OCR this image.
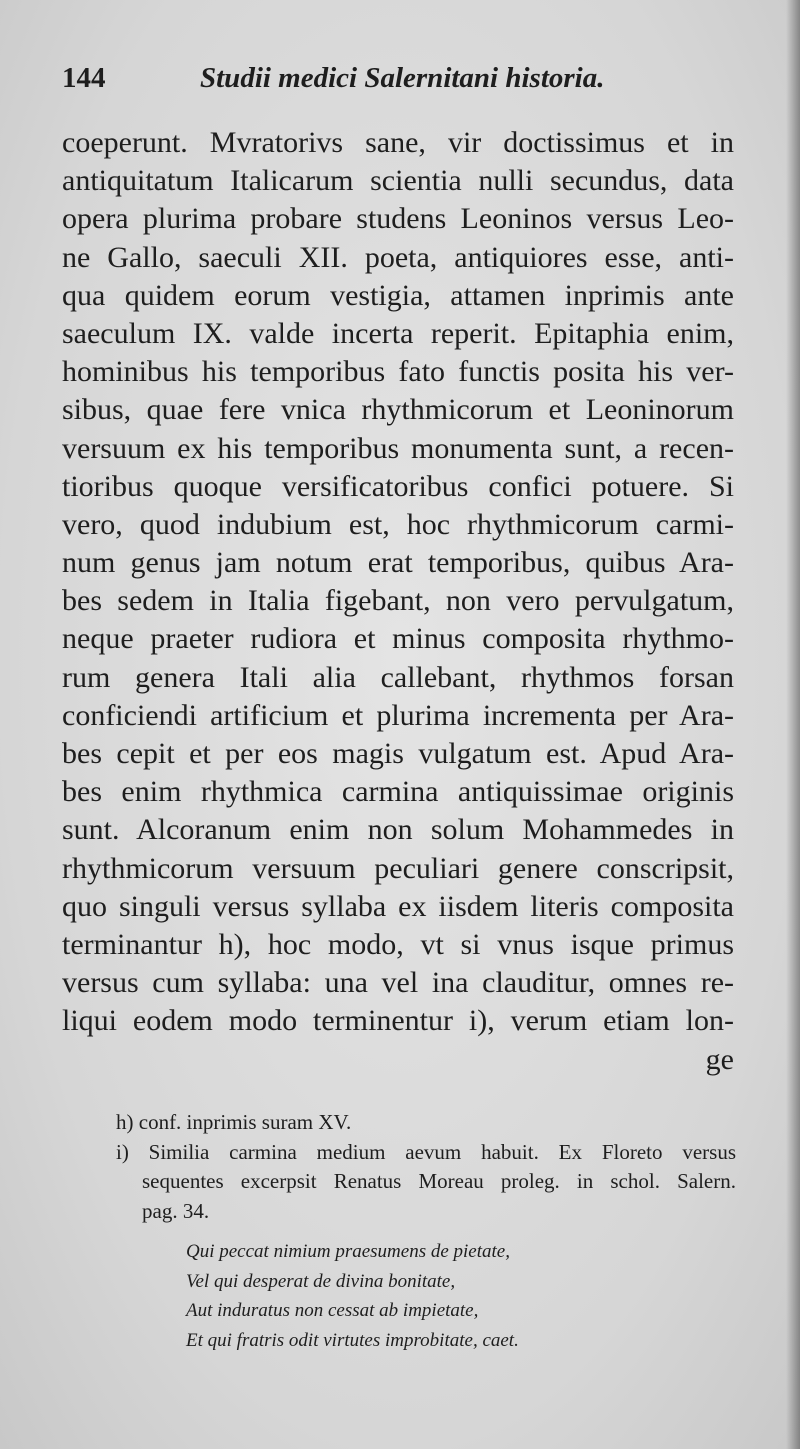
144	Studii medici Salernitani historia.
coeperunt. Mvratorivs sane, vir doctissimus et in
antiquitatum Italicarum scientia nulli secundus, data
opera plurima probare studens Leoninos versus Leo-
ne Gallo, saeculi XII. poeta, antiquiores esse, anti-
qua quidem eorum vestigia, attamen inprimis ante
saeculum IX. valde incerta reperit. Epitaphia enim,
hominibus his temporibus fato functis posita his ver-
sibus, quae fere vnica rhythmicorum et Leoninorum
versuum ex his temporibus monumenta sunt, a recen-
tioribus quoque versificatoribus confici potuere. Si
vero, quod indubium est, hoc rhythmicorum carmi-
num genus jam notum erat temporibus, quibus Ara-
bes sedem in Italia figebant, non vero pervulgatum,
neque praeter rudiora et minus composita rhythmo-
rum genera Itali alia callebant, rhythmos forsan
conficiendi artificium et plurima incrementa per Ara-
bes cepit et per eos magis vulgatum est. Apud Ara-
bes enim rhythmica carmina antiquissimae originis
sunt. Alcoranum enim non solum Mohammedes in
rhythmicorum versuum peculiari genere conscripsit,
quo singuli versus syllaba ex iisdem literis composita
terminantur h), hoc modo, vt si vnus isque primus
versus cum syllaba: una vel ina clauditur, omnes re-
liqui eodem modo terminentur i), verum etiam lon-
ge
h) conf. inprimis suram XV.
i) Similia carmina medium aevum habuit. Ex Floreto versus
sequentes excerpsit Renatus Moreau proleg. in schol. Salern.
pag. 34.
Qui peccat nimium praesumens de pietate,
Vel qui desperat de divina bonitate,
Aut induratus non cessat ab impietate,
Et qui fratris odit virtutes improbitate, caet.
